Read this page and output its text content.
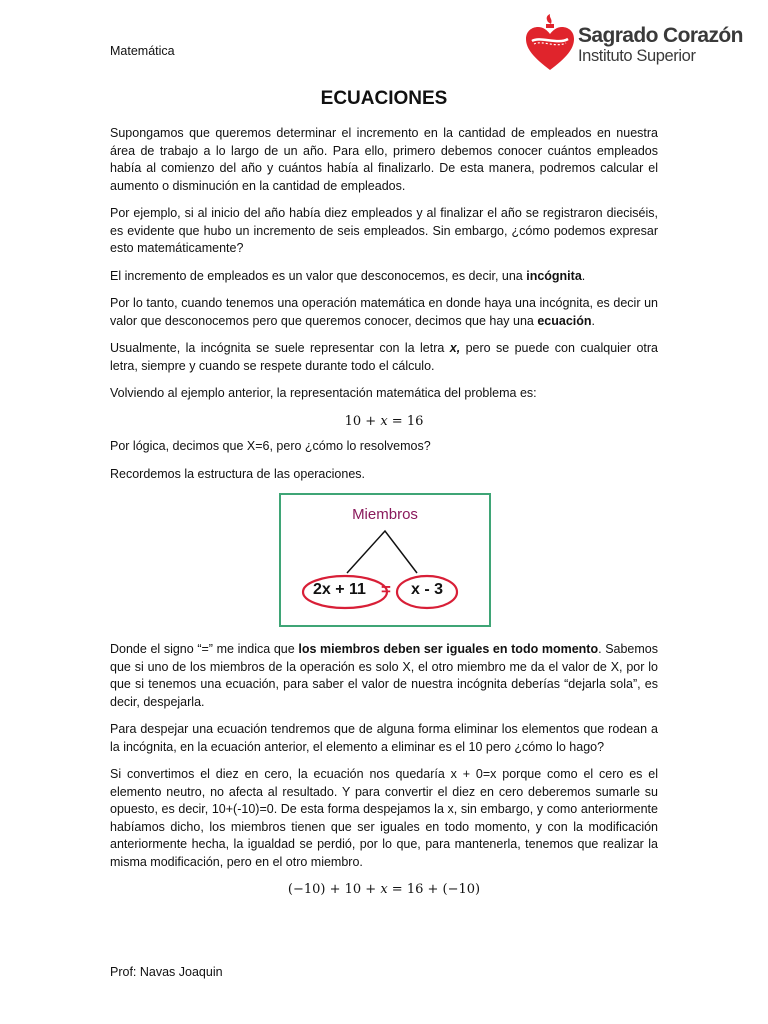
Matemática
Sagrado Corazón
Instituto Superior
ECUACIONES

Supongamos que queremos determinar el incremento en la cantidad de empleados en nuestra área de trabajo a lo largo de un año. Para ello, primero debemos conocer cuántos empleados había al comienzo del año y cuántos había al finalizarlo. De esta manera, podremos calcular el aumento o disminución en la cantidad de empleados.

Por ejemplo, si al inicio del año había diez empleados y al finalizar el año se registraron dieciséis, es evidente que hubo un incremento de seis empleados. Sin embargo, ¿cómo podemos expresar esto matemáticamente?

El incremento de empleados es un valor que desconocemos, es decir, una incógnita.

Por lo tanto, cuando tenemos una operación matemática en donde haya una incógnita, es decir un valor que desconocemos pero que queremos conocer, decimos que hay una ecuación.

Usualmente, la incógnita se suele representar con la letra x, pero se puede con cualquier otra letra, siempre y cuando se respete durante todo el cálculo.

Volviendo al ejemplo anterior, la representación matemática del problema es:

10 + x = 16

Por lógica, decimos que X=6, pero ¿cómo lo resolvemos?

Recordemos la estructura de las operaciones.

Miembros
2x + 11 = x - 3

Donde el signo “=” me indica que los miembros deben ser iguales en todo momento. Sabemos que si uno de los miembros de la operación es solo X, el otro miembro me da el valor de X, por lo que si tenemos una ecuación, para saber el valor de nuestra incógnita deberías “dejarla sola”, es decir, despejarla.

Para despejar una ecuación tendremos que de alguna forma eliminar los elementos que rodean a la incógnita, en la ecuación anterior, el elemento a eliminar es el 10 pero ¿cómo lo hago?

Si convertimos el diez en cero, la ecuación nos quedaría x + 0=x porque como el cero es el elemento neutro, no afecta al resultado. Y para convertir el diez en cero deberemos sumarle su opuesto, es decir, 10+(-10)=0. De esta forma despejamos la x, sin embargo, y como anteriormente habíamos dicho, los miembros tienen que ser iguales en todo momento, y con la modificación anteriormente hecha, la igualdad se perdió, por lo que, para mantenerla, tenemos que realizar la misma modificación, pero en el otro miembro.

(−10) + 10 + x = 16 + (−10)

Prof: Navas Joaquin
